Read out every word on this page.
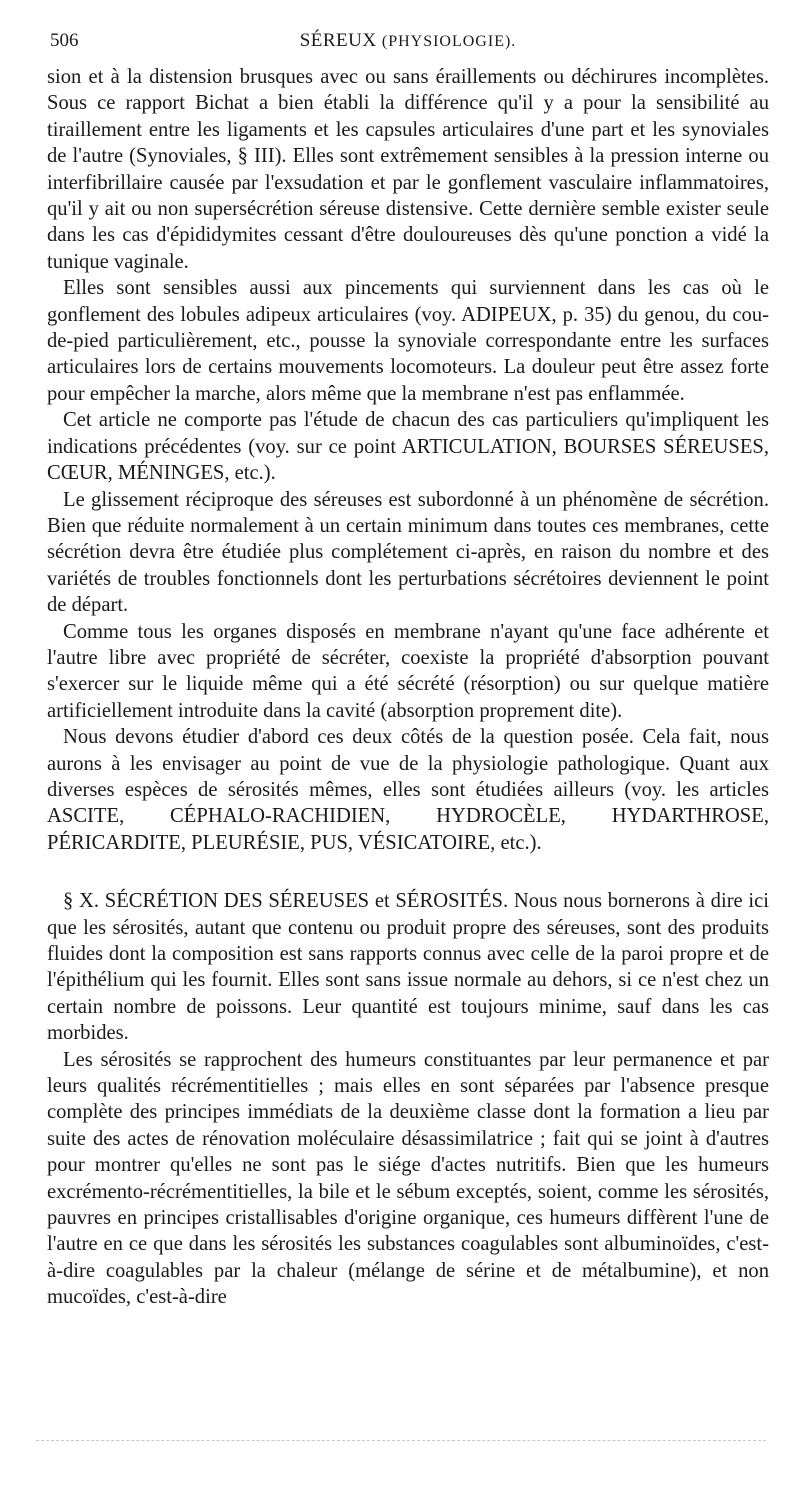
506	SÉREUX (PHYSIOLOGIE).

sion et à la distension brusques avec ou sans éraillements ou déchirures incomplètes. Sous ce rapport Bichat a bien établi la différence qu'il y a pour la sensibilité au tiraillement entre les ligaments et les capsules articulaires d'une part et les synoviales de l'autre (Synoviales, § III). Elles sont extrêmement sensibles à la pression interne ou interfibrillaire causée par l'exsudation et par le gonflement vasculaire inflammatoires, qu'il y ait ou non supersécrétion séreuse distensive. Cette dernière semble exister seule dans les cas d'épididymites cessant d'être douloureuses dès qu'une ponction a vidé la tunique vaginale.

Elles sont sensibles aussi aux pincements qui surviennent dans les cas où le gonflement des lobules adipeux articulaires (voy. ADIPEUX, p. 35) du genou, du cou-de-pied particulièrement, etc., pousse la synoviale correspondante entre les surfaces articulaires lors de certains mouvements locomoteurs. La douleur peut être assez forte pour empêcher la marche, alors même que la membrane n'est pas enflammée.

Cet article ne comporte pas l'étude de chacun des cas particuliers qu'impliquent les indications précédentes (voy. sur ce point ARTICULATION, BOURSES SÉREUSES, CŒUR, MÉNINGES, etc.).

Le glissement réciproque des séreuses est subordonné à un phénomène de sécrétion. Bien que réduite normalement à un certain minimum dans toutes ces membranes, cette sécrétion devra être étudiée plus complétement ci-après, en raison du nombre et des variétés de troubles fonctionnels dont les perturbations sécrétoires deviennent le point de départ.

Comme tous les organes disposés en membrane n'ayant qu'une face adhérente et l'autre libre avec propriété de sécréter, coexiste la propriété d'absorption pouvant s'exercer sur le liquide même qui a été sécrété (résorption) ou sur quelque matière artificiellement introduite dans la cavité (absorption proprement dite).

Nous devons étudier d'abord ces deux côtés de la question posée. Cela fait, nous aurons à les envisager au point de vue de la physiologie pathologique. Quant aux diverses espèces de sérosités mêmes, elles sont étudiées ailleurs (voy. les articles ASCITE, CÉPHALO-RACHIDIEN, HYDROCÈLE, HYDARTHROSE, PÉRICARDITE, PLEURÉSIE, PUS, VÉSICATOIRE, etc.).

§ X. SÉCRÉTION DES SÉREUSES et SÉROSITÉS. Nous nous bornerons à dire ici que les sérosités, autant que contenu ou produit propre des séreuses, sont des produits fluides dont la composition est sans rapports connus avec celle de la paroi propre et de l'épithélium qui les fournit. Elles sont sans issue normale au dehors, si ce n'est chez un certain nombre de poissons. Leur quantité est toujours minime, sauf dans les cas morbides.

Les sérosités se rapprochent des humeurs constituantes par leur permanence et par leurs qualités récrémentitielles ; mais elles en sont séparées par l'absence presque complète des principes immédiats de la deuxième classe dont la formation a lieu par suite des actes de rénovation moléculaire désassimilatrice ; fait qui se joint à d'autres pour montrer qu'elles ne sont pas le siége d'actes nutritifs. Bien que les humeurs excrémento-récrémentitielles, la bile et le sébum exceptés, soient, comme les sérosités, pauvres en principes cristallisables d'origine organique, ces humeurs diffèrent l'une de l'autre en ce que dans les sérosités les substances coagulables sont albuminoïdes, c'est-à-dire coagulables par la chaleur (mélange de sérine et de métalbumine), et non mucoïdes, c'est-à-dire
